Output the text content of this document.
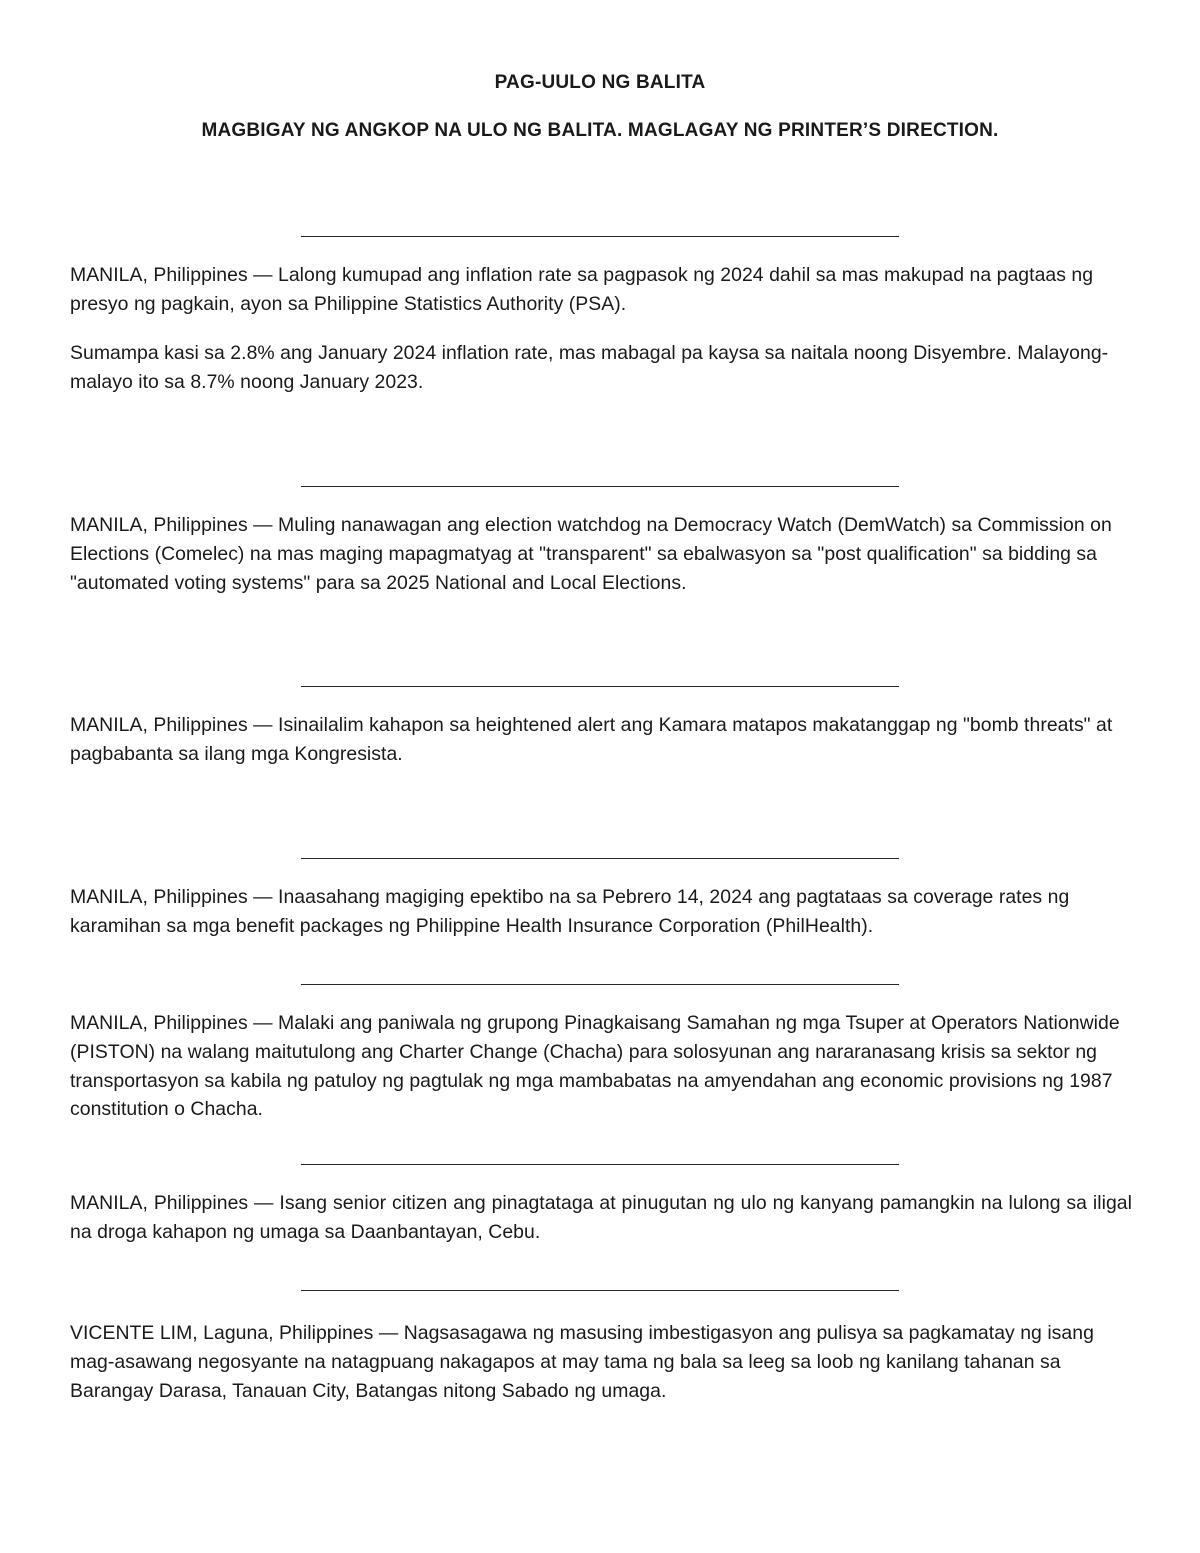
PAG-UULO NG BALITA
MAGBIGAY NG ANGKOP NA ULO NG BALITA. MAGLAGAY NG PRINTER’S DIRECTION.

MANILA, Philippines — Lalong kumupad ang inflation rate sa pagpasok ng 2024 dahil sa mas makupad na pagtaas ng presyo ng pagkain, ayon sa Philippine Statistics Authority (PSA).

Sumampa kasi sa 2.8% ang January 2024 inflation rate, mas mabagal pa kaysa sa naitala noong Disyembre. Malayong-malayo ito sa 8.7% noong January 2023.

MANILA, Philippines — Muling nanawagan ang election watchdog na Democracy Watch (DemWatch) sa Commission on Elections (Comelec) na mas maging mapagmatyag at "transparent" sa ebalwasyon sa "post qualification" sa bidding sa "automated voting systems" para sa 2025 National and Local Elections.

MANILA, Philippines — Isinailalim kahapon sa heightened alert ang Kamara matapos makatanggap ng "bomb threats" at pagbabanta sa ilang mga Kongresista.

MANILA, Philippines — Inaasahang magiging epektibo na sa Pebrero 14, 2024 ang pagtataas sa coverage rates ng karamihan sa mga benefit packages ng Philippine Health Insurance Corporation (PhilHealth).

MANILA, Philippines — Malaki ang paniwala ng grupong Pinagkaisang Samahan ng mga Tsuper at Operators Nationwide (PISTON) na walang maitutulong ang Charter Change (Chacha) para solosyunan ang nararanasang krisis sa sektor ng transportasyon sa kabila ng patuloy ng pagtulak ng mga mambabatas na amyendahan ang economic provisions ng 1987 constitution o Chacha.

MANILA, Philippines — Isang senior citizen ang pinagtataga at pinugutan ng ulo ng kanyang pamangkin na lulong sa iligal na droga kahapon ng umaga sa Daanbantayan, Cebu.

VICENTE LIM, Laguna, Philippines — Nagsasagawa ng masusing imbestigasyon ang pulisya sa pagkamatay ng isang mag-asawang negosyante na natagpuang nakagapos at may tama ng bala sa leeg sa loob ng kanilang tahanan sa Barangay Darasa, Tanauan City, Batangas nitong Sabado ng umaga.
